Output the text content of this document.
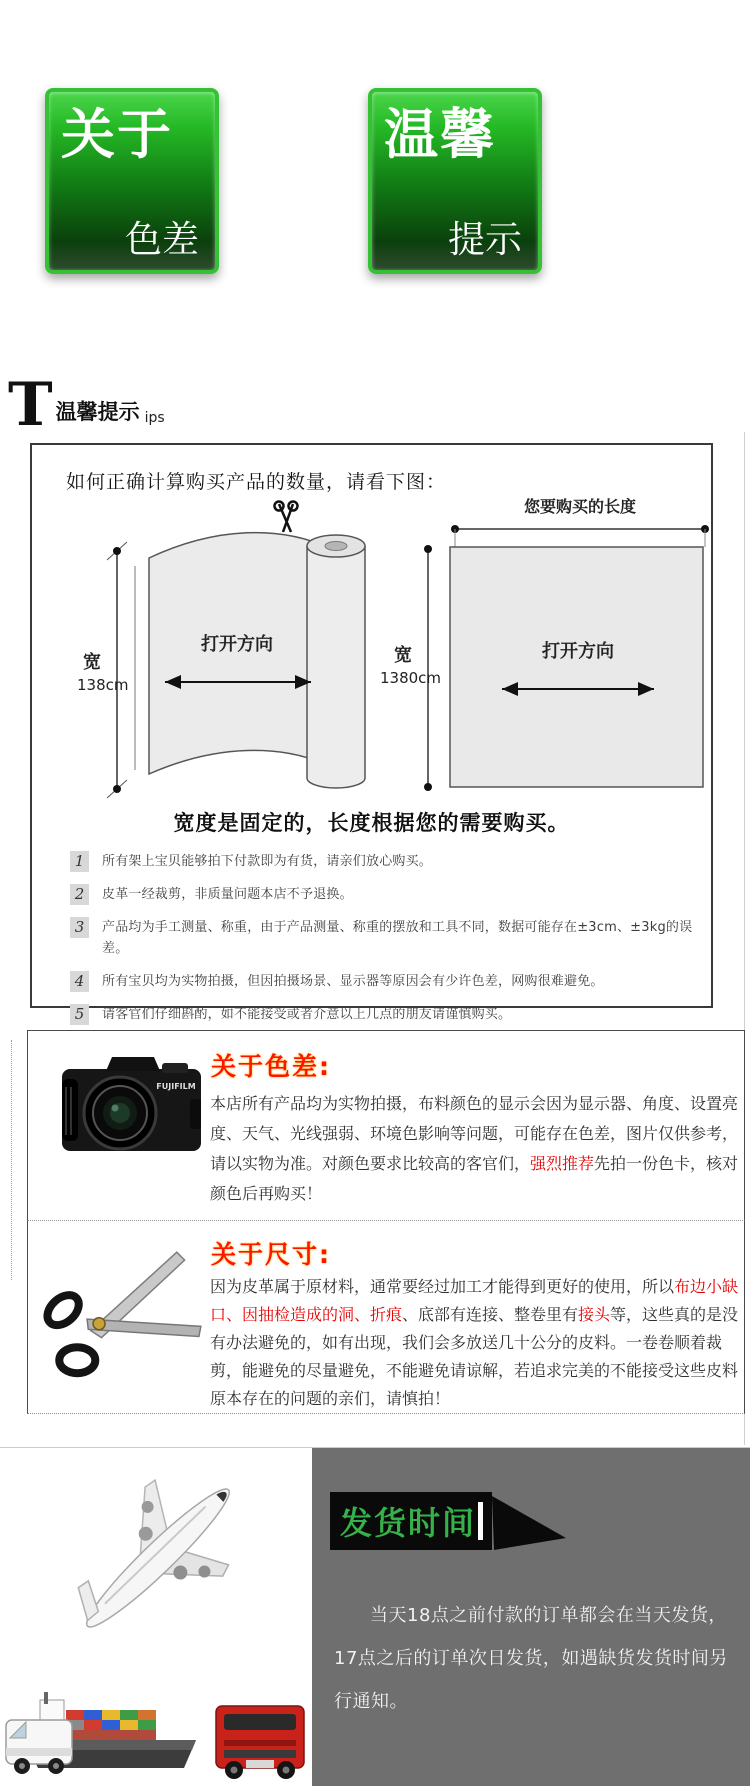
关于
色差
温馨
提示
T 温馨提示 ips
如何正确计算购买产品的数量，请看下图：
宽
138cm
打开方向
您要购买的长度
宽
1380cm
打开方向
宽度是固定的，长度根据您的需要购买。
1	所有架上宝贝能够拍下付款即为有货，请亲们放心购买。
2	皮革一经裁剪，非质量问题本店不予退换。
3	产品均为手工测量、称重，由于产品测量、称重的摆放和工具不同，数据可能存在±3cm、±3kg的误差。
4	所有宝贝均为实物拍摄，但因拍摄场景、显示器等原因会有少许色差，网购很难避免。
5	请客官们仔细斟酌，如不能接受或者介意以上几点的朋友请谨慎购买。
FUJIFILM
关于色差:
本店所有产品均为实物拍摄，布料颜色的显示会因为显示器、角度、设置亮度、天气、光线强弱、环境色影响等问题，可能存在色差，图片仅供参考，请以实物为准。对颜色要求比较高的客官们，强烈推荐先拍一份色卡，核对颜色后再购买！
关于尺寸:
因为皮革属于原材料，通常要经过加工才能得到更好的使用，所以布边小缺口、因抽检造成的洞、折痕、底部有连接、整卷里有接头等，这些真的是没有办法避免的，如有出现，我们会多放送几十公分的皮料。一卷卷顺着裁剪，能避免的尽量避免，不能避免请谅解，若追求完美的不能接受这些皮料原本存在的问题的亲们，请慎拍！
发货时间
当天18点之前付款的订单都会在当天发货，17点之后的订单次日发货，如遇缺货发货时间另行通知。
